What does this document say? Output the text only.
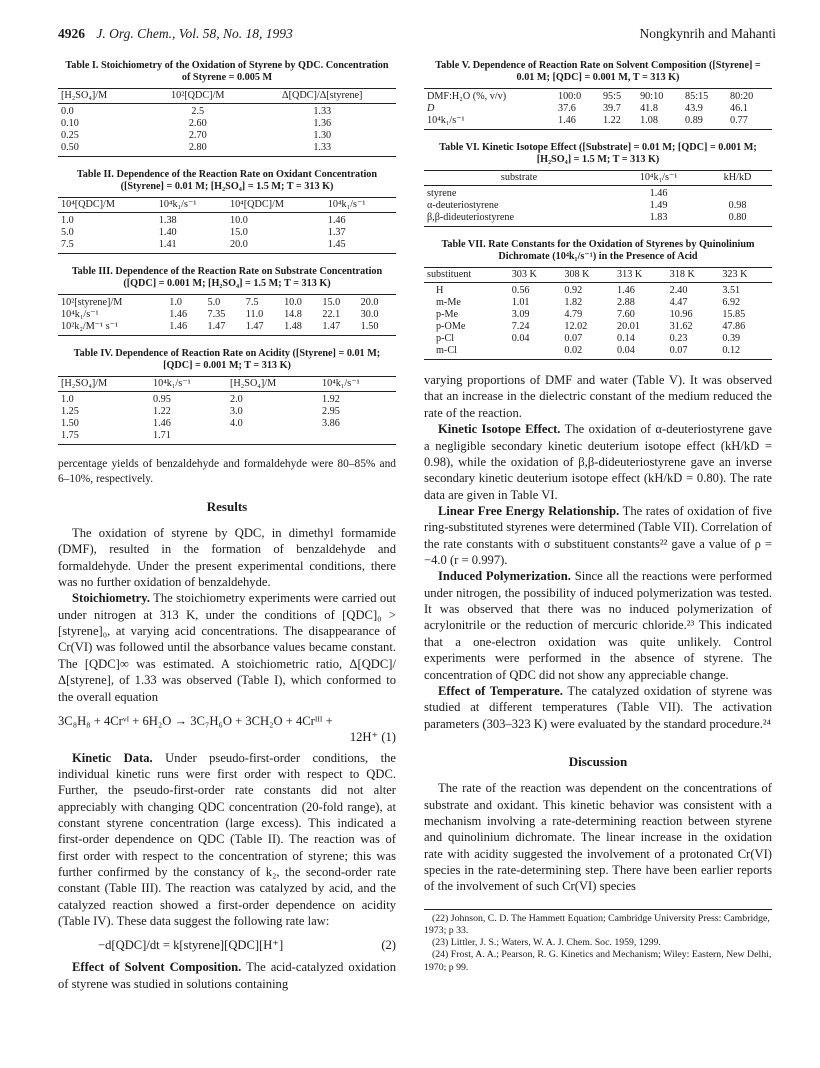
4926 J. Org. Chem., Vol. 58, No. 18, 1993	Nongkynrih and Mahanti
Table I. Stoichiometry of the Oxidation of Styrene by QDC. Concentration of Styrene = 0.005 M
[H₂SO₄]/M	10²[QDC]/M	Δ[QDC]/Δ[styrene]
0.0	2.5	1.33
0.10	2.60	1.36
0.25	2.70	1.30
0.50	2.80	1.33
Table II. Dependence of the Reaction Rate on Oxidant Concentration ([Styrene] = 0.01 M; [H₂SO₄] = 1.5 M; T = 313 K)
10⁴[QDC]/M	10⁴k₁/s⁻¹	10⁴[QDC]/M	10⁴k₁/s⁻¹
1.0	1.38	10.0	1.46
5.0	1.40	15.0	1.37
7.5	1.41	20.0	1.45
Table III. Dependence of the Reaction Rate on Substrate Concentration ([QDC] = 0.001 M; [H₂SO₄] = 1.5 M; T = 313 K)
10²[styrene]/M	1.0	5.0	7.5	10.0	15.0	20.0
10⁴k₁/s⁻¹	1.46	7.35	11.0	14.8	22.1	30.0
10²k₂/M⁻¹ s⁻¹	1.46	1.47	1.47	1.48	1.47	1.50
Table IV. Dependence of Reaction Rate on Acidity ([Styrene] = 0.01 M; [QDC] = 0.001 M; T = 313 K)
[H₂SO₄]/M	10⁴k₁/s⁻¹	[H₂SO₄]/M	10⁴k₁/s⁻¹
1.0	0.95	2.0	1.92
1.25	1.22	3.0	2.95
1.50	1.46	4.0	3.86
1.75	1.71		

percentage yields of benzaldehyde and formaldehyde were 80–85% and 6–10%, respectively.

Results

The oxidation of styrene by QDC, in dimethyl formamide (DMF), resulted in the formation of benzaldehyde and formaldehyde. Under the present experimental conditions, there was no further oxidation of benzaldehyde.

Stoichiometry. The stoichiometry experiments were carried out under nitrogen at 313 K, under the conditions of [QDC]₀ > [styrene]₀, at varying acid concentrations. The disappearance of Cr(VI) was followed until the absorbance values became constant. The [QDC]∞ was estimated. A stoichiometric ratio, Δ[QDC]/Δ[styrene], of 1.33 was observed (Table I), which conformed to the overall equation

3C₈H₈ + 4Crᵛᴵ + 6H₂O → 3C₇H₆O + 3CH₂O + 4Crᴵᴵᴵ +
12H⁺ (1)

Kinetic Data. Under pseudo-first-order conditions, the individual kinetic runs were first order with respect to QDC. Further, the pseudo-first-order rate constants did not alter appreciably with changing QDC concentration (20-fold range), at constant styrene concentration (large excess). This indicated a first-order dependence on QDC (Table II). The reaction was of first order with respect to the concentration of styrene; this was further confirmed by the constancy of k₂, the second-order rate constant (Table III). The reaction was catalyzed by acid, and the catalyzed reaction showed a first-order dependence on acidity (Table IV). These data suggest the following rate law:

−d[QDC]/dt = k[styrene][QDC][H⁺]	(2)

Effect of Solvent Composition. The acid-catalyzed oxidation of styrene was studied in solutions containing

Table V. Dependence of Reaction Rate on Solvent Composition ([Styrene] = 0.01 M; [QDC] = 0.001 M, T = 313 K)
DMF:H₂O (%, v/v)	100:0	95:5	90:10	85:15	80:20
D	37.6	39.7	41.8	43.9	46.1
10⁴k₁/s⁻¹	1.46	1.22	1.08	0.89	0.77
Table VI. Kinetic Isotope Effect ([Substrate] = 0.01 M; [QDC] = 0.001 M; [H₂SO₄] = 1.5 M; T = 313 K)
substrate	10⁴k₁/s⁻¹	kH/kD
styrene	1.46	
α-deuteriostyrene	1.49	0.98
β,β-dideuteriostyrene	1.83	0.80
Table VII. Rate Constants for the Oxidation of Styrenes by Quinolinium Dichromate (10⁴k₁/s⁻¹) in the Presence of Acid
substituent	303 K	308 K	313 K	318 K	323 K
H	0.56	0.92	1.46	2.40	3.51
m-Me	1.01	1.82	2.88	4.47	6.92
p-Me	3.09	4.79	7.60	10.96	15.85
p-OMe	7.24	12.02	20.01	31.62	47.86
p-Cl	0.04	0.07	0.14	0.23	0.39
m-Cl		0.02	0.04	0.07	0.12

varying proportions of DMF and water (Table V). It was observed that an increase in the dielectric constant of the medium reduced the rate of the reaction.

Kinetic Isotope Effect. The oxidation of α-deuteriostyrene gave a negligible secondary kinetic deuterium isotope effect (kH/kD = 0.98), while the oxidation of β,β-dideuteriostyrene gave an inverse secondary kinetic deuterium isotope effect (kH/kD = 0.80). The rate data are given in Table VI.

Linear Free Energy Relationship. The rates of oxidation of five ring-substituted styrenes were determined (Table VII). Correlation of the rate constants with σ substituent constants²² gave a value of ρ = −4.0 (r = 0.997).

Induced Polymerization. Since all the reactions were performed under nitrogen, the possibility of induced polymerization was tested. It was observed that there was no induced polymerization of acrylonitrile or the reduction of mercuric chloride.²³ This indicated that a one-electron oxidation was quite unlikely. Control experiments were performed in the absence of styrene. The concentration of QDC did not show any appreciable change.

Effect of Temperature. The catalyzed oxidation of styrene was studied at different temperatures (Table VII). The activation parameters (303–323 K) were evaluated by the standard procedure.²⁴

Discussion

The rate of the reaction was dependent on the concentrations of substrate and oxidant. This kinetic behavior was consistent with a mechanism involving a rate-determining reaction between styrene and quinolinium dichromate. The linear increase in the oxidation rate with acidity suggested the involvement of a protonated Cr(VI) species in the rate-determining step. There have been earlier reports of the involvement of such Cr(VI) species

(22) Johnson, C. D. The Hammett Equation; Cambridge University Press: Cambridge, 1973; p 33.
(23) Littler, J. S.; Waters, W. A. J. Chem. Soc. 1959, 1299.
(24) Frost, A. A.; Pearson, R. G. Kinetics and Mechanism; Wiley: Eastern, New Delhi, 1970; p 99.
